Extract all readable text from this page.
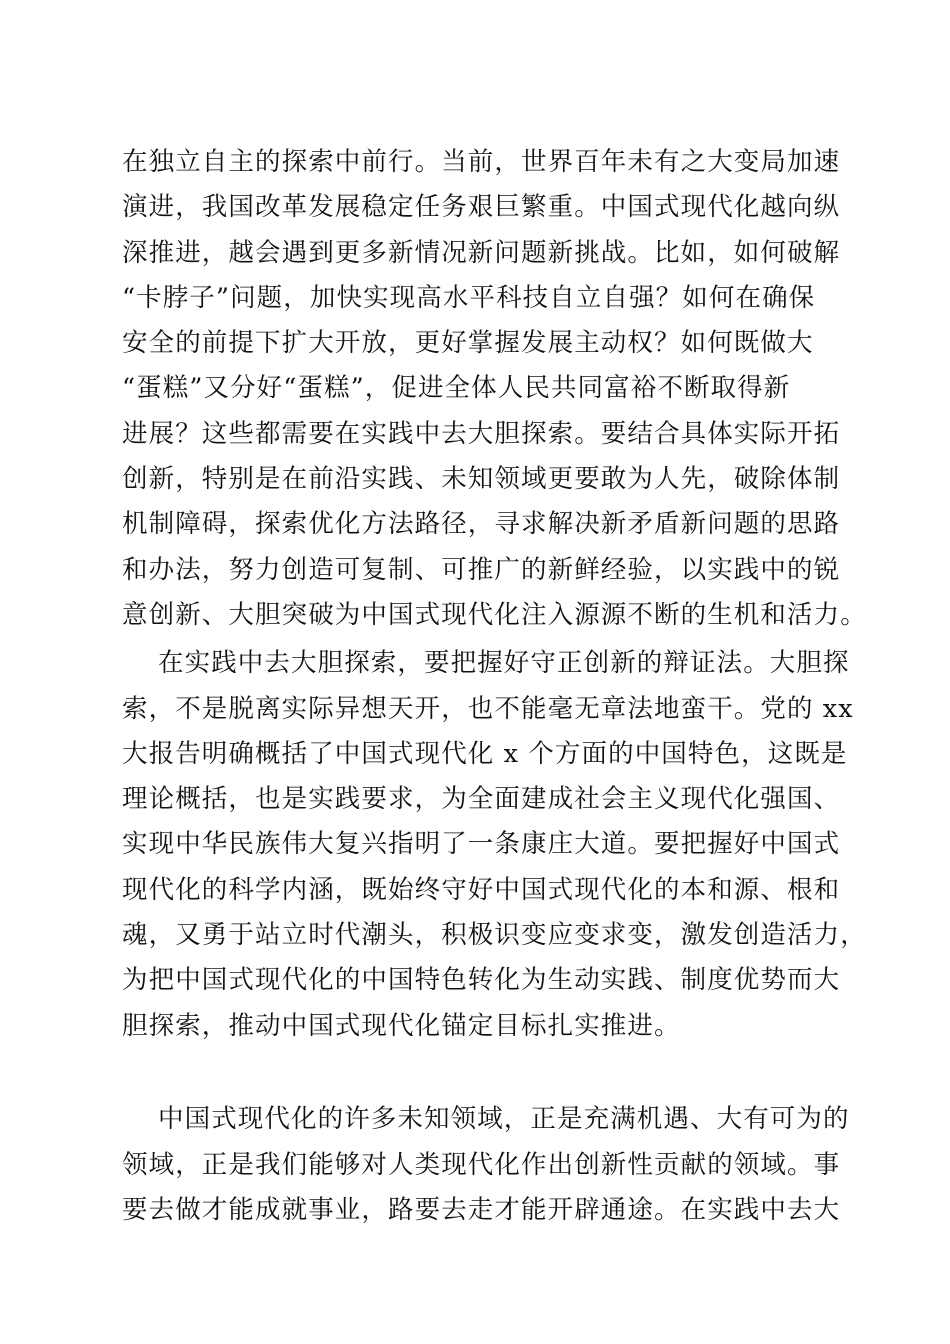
在独立自主的探索中前行。当前，世界百年未有之大变局加速
演进，我国改革发展稳定任务艰巨繁重。中国式现代化越向纵
深推进，越会遇到更多新情况新问题新挑战。比如，如何破解
“卡脖子”问题，加快实现高水平科技自立自强？如何在确保
安全的前提下扩大开放，更好掌握发展主动权？如何既做大
“蛋糕”又分好“蛋糕”，促进全体人民共同富裕不断取得新
进展？这些都需要在实践中去大胆探索。要结合具体实际开拓
创新，特别是在前沿实践、未知领域更要敢为人先，破除体制
机制障碍，探索优化方法路径，寻求解决新矛盾新问题的思路
和办法，努力创造可复制、可推广的新鲜经验，以实践中的锐
意创新、大胆突破为中国式现代化注入源源不断的生机和活力。
在实践中去大胆探索，要把握好守正创新的辩证法。大胆探
索，不是脱离实际异想天开，也不能毫无章法地蛮干。党的 xx
大报告明确概括了中国式现代化 x 个方面的中国特色，这既是
理论概括，也是实践要求，为全面建成社会主义现代化强国、
实现中华民族伟大复兴指明了一条康庄大道。要把握好中国式
现代化的科学内涵，既始终守好中国式现代化的本和源、根和
魂，又勇于站立时代潮头，积极识变应变求变，激发创造活力，
为把中国式现代化的中国特色转化为生动实践、制度优势而大
胆探索，推动中国式现代化锚定目标扎实推进。
中国式现代化的许多未知领域，正是充满机遇、大有可为的
领域，正是我们能够对人类现代化作出创新性贡献的领域。事
要去做才能成就事业，路要去走才能开辟通途。在实践中去大
